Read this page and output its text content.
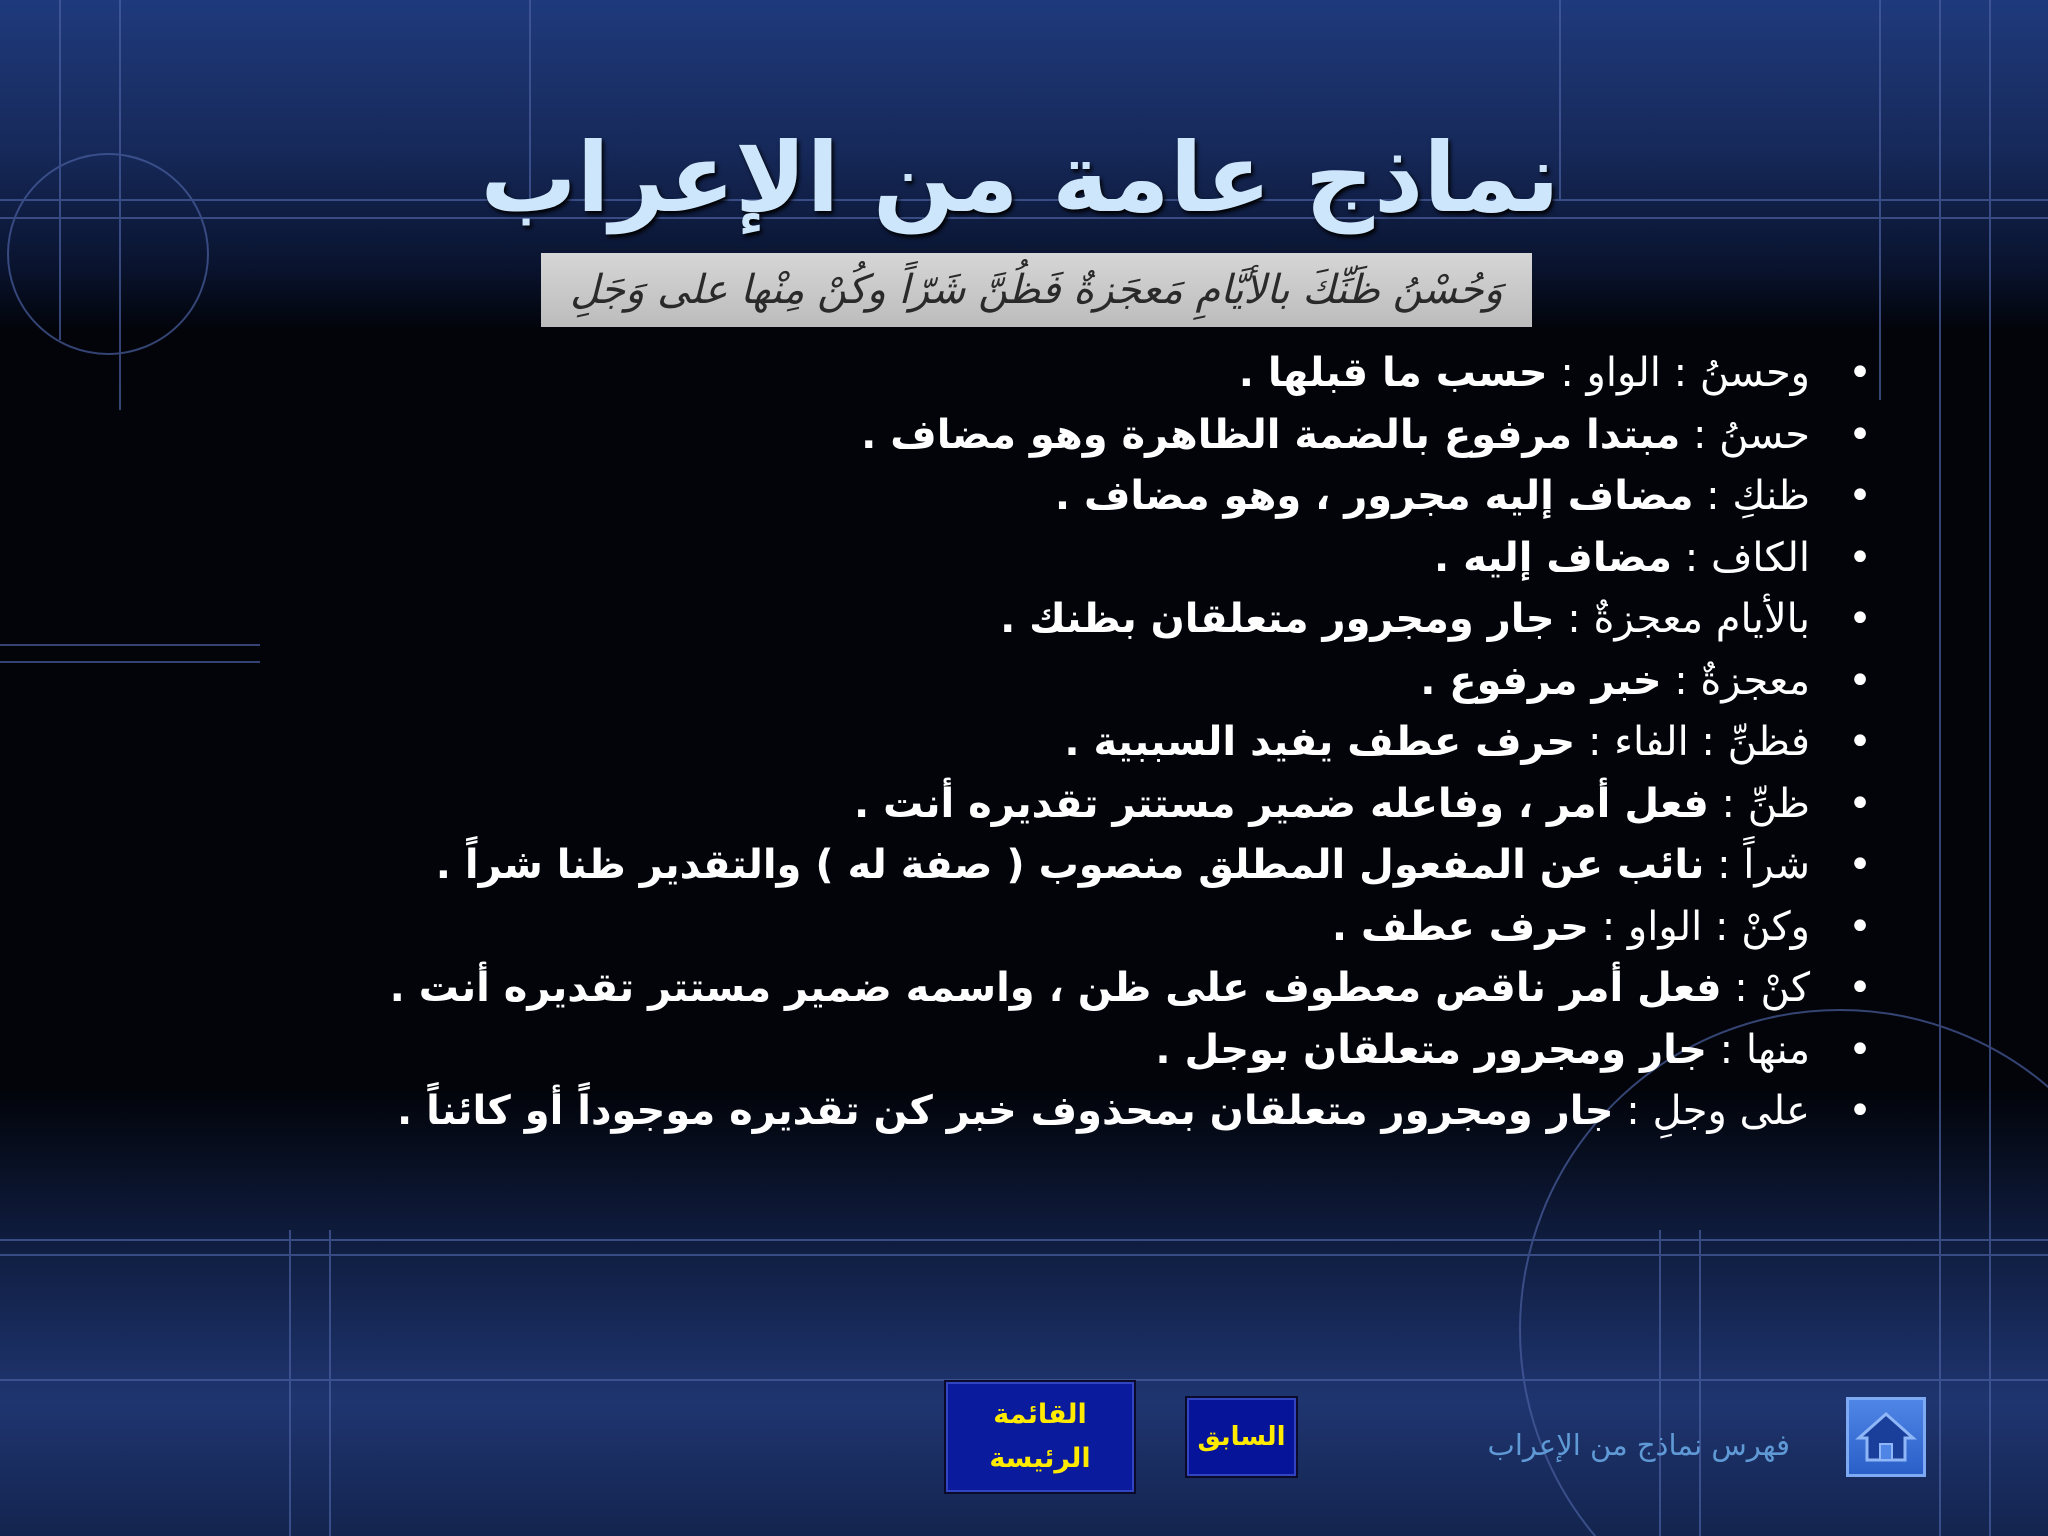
نماذج عامة من الإعراب
وَحُسْنُ ظَنِّكَ بالأيَّامِ مَعجَزةٌ فَظُنَّ شَرّاً وكُنْ مِنْها على وَجَلِ
•
وحسنُ : الواو : حسب ما قبلها .
•
حسنُ : مبتدا مرفوع بالضمة الظاهرة وهو مضاف .
•
ظنكِ : مضاف إليه مجرور ، وهو مضاف .
•
الكاف : مضاف إليه .
•
بالأيام معجزةٌ : جار ومجرور متعلقان بظنك .
•
معجزةٌ : خبر مرفوع .
•
فظنِّ : الفاء : حرف عطف يفيد السببية .
•
ظنِّ : فعل أمر ، وفاعله ضمير مستتر تقديره أنت .
•
شراً : نائب عن المفعول المطلق منصوب ( صفة له ) والتقدير ظنا شراً .
•
وكنْ : الواو : حرف عطف .
•
كنْ : فعل أمر ناقص معطوف على ظن ، واسمه ضمير مستتر تقديره أنت .
•
منها : جار ومجرور متعلقان بوجل .
•
على وجلِ : جار ومجرور متعلقان بمحذوف خبر كن تقديره موجوداً أو كائناً .
القائمة
الرئيسة
السابق	فهرس نماذج من الإعراب
